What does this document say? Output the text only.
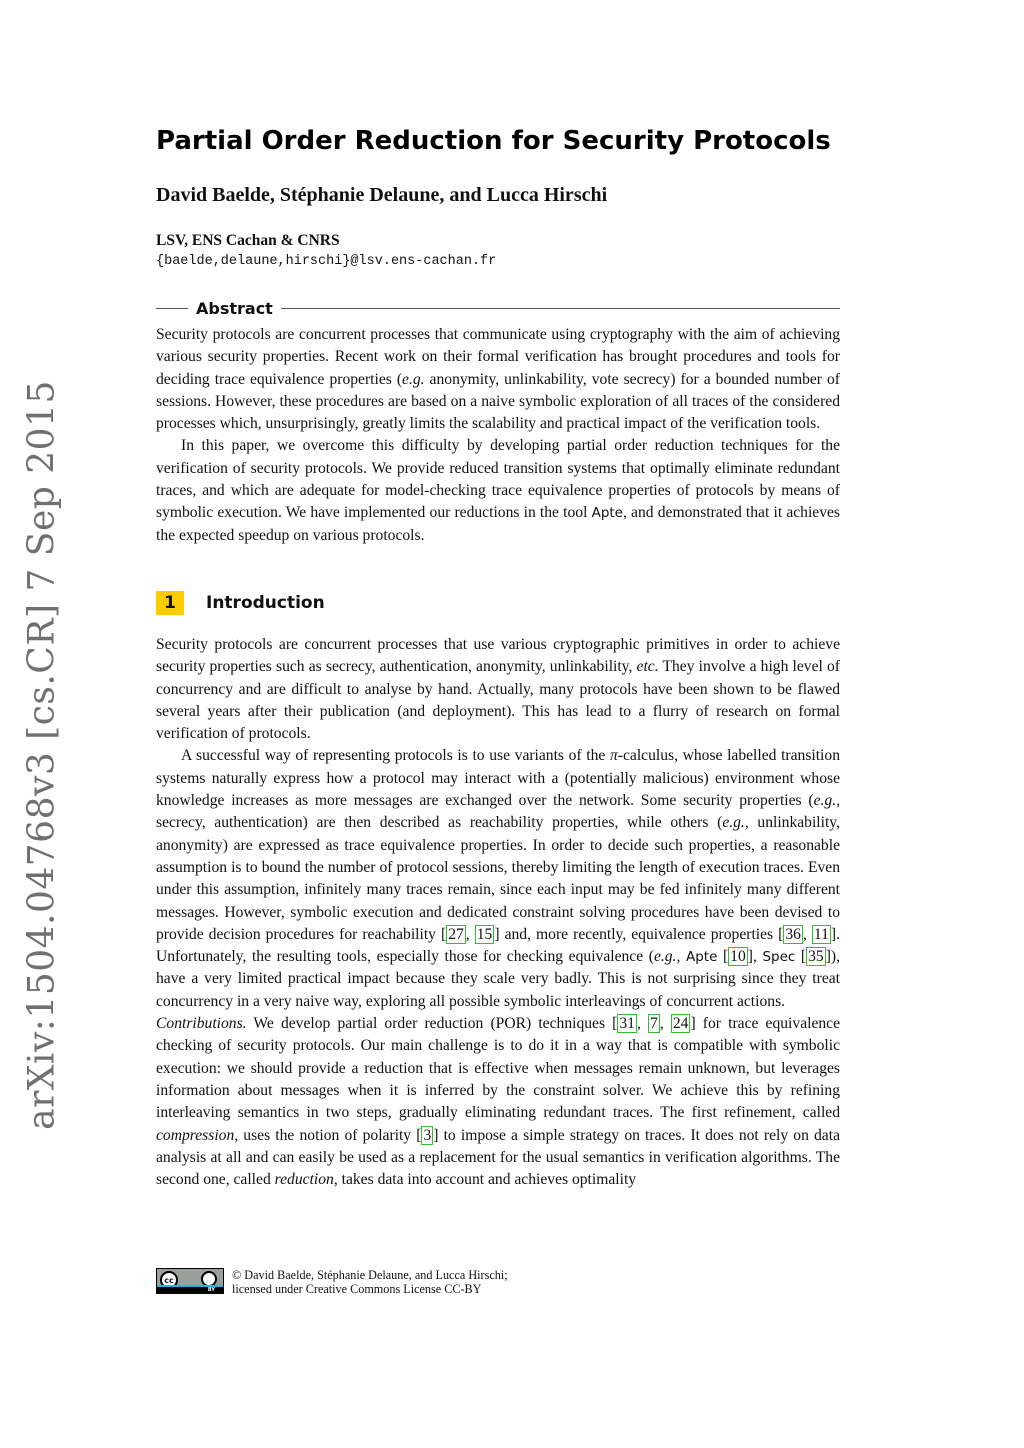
arXiv:1504.04768v3 [cs.CR] 7 Sep 2015
Partial Order Reduction for Security Protocols
David Baelde, Stéphanie Delaune, and Lucca Hirschi
LSV, ENS Cachan & CNRS
{baelde,delaune,hirschi}@lsv.ens-cachan.fr
Abstract

Security protocols are concurrent processes that communicate using cryptography with the aim of achieving various security properties. Recent work on their formal verification has brought procedures and tools for deciding trace equivalence properties (e.g. anonymity, unlinkability, vote secrecy) for a bounded number of sessions. However, these procedures are based on a naive symbolic exploration of all traces of the considered processes which, unsurprisingly, greatly limits the scalability and practical impact of the verification tools.

In this paper, we overcome this difficulty by developing partial order reduction techniques for the verification of security protocols. We provide reduced transition systems that optimally eliminate redundant traces, and which are adequate for model-checking trace equivalence properties of protocols by means of symbolic execution. We have implemented our reductions in the tool Apte, and demonstrated that it achieves the expected speedup on various protocols.

1	Introduction

Security protocols are concurrent processes that use various cryptographic primitives in order to achieve security properties such as secrecy, authentication, anonymity, unlinkability, etc. They involve a high level of concurrency and are difficult to analyse by hand. Actually, many protocols have been shown to be flawed several years after their publication (and deployment). This has lead to a flurry of research on formal verification of protocols.

A successful way of representing protocols is to use variants of the π-calculus, whose labelled transition systems naturally express how a protocol may interact with a (potentially malicious) environment whose knowledge increases as more messages are exchanged over the network. Some security properties (e.g., secrecy, authentication) are then described as reachability properties, while others (e.g., unlinkability, anonymity) are expressed as trace equivalence properties. In order to decide such properties, a reasonable assumption is to bound the number of protocol sessions, thereby limiting the length of execution traces. Even under this assumption, infinitely many traces remain, since each input may be fed infinitely many different messages. However, symbolic execution and dedicated constraint solving procedures have been devised to provide decision procedures for reachability [ 27 , 15 ] and, more recently, equivalence properties [ 36 , 11 ]. Unfortunately, the resulting tools, especially those for checking equivalence (e.g., Apte [ 10 ], Spec [ 35 ]), have a very limited practical impact because they scale very badly. This is not surprising since they treat concurrency in a very naive way, exploring all possible symbolic interleavings of concurrent actions.

Contributions. We develop partial order reduction (POR) techniques [ 31 , 7 , 24 ] for trace equivalence checking of security protocols. Our main challenge is to do it in a way that is compatible with symbolic execution: we should provide a reduction that is effective when messages remain unknown, but leverages information about messages when it is inferred by the constraint solver. We achieve this by refining interleaving semantics in two steps, gradually eliminating redundant traces. The first refinement, called compression, uses the notion of polarity [ 3 ] to impose a simple strategy on traces. It does not rely on data analysis at all and can easily be used as a replacement for the usual semantics in verification algorithms. The second one, called reduction, takes data into account and achieves optimality

cc
BY
© David Baelde, Stéphanie Delaune, and Lucca Hirschi;
licensed under Creative Commons License CC-BY
